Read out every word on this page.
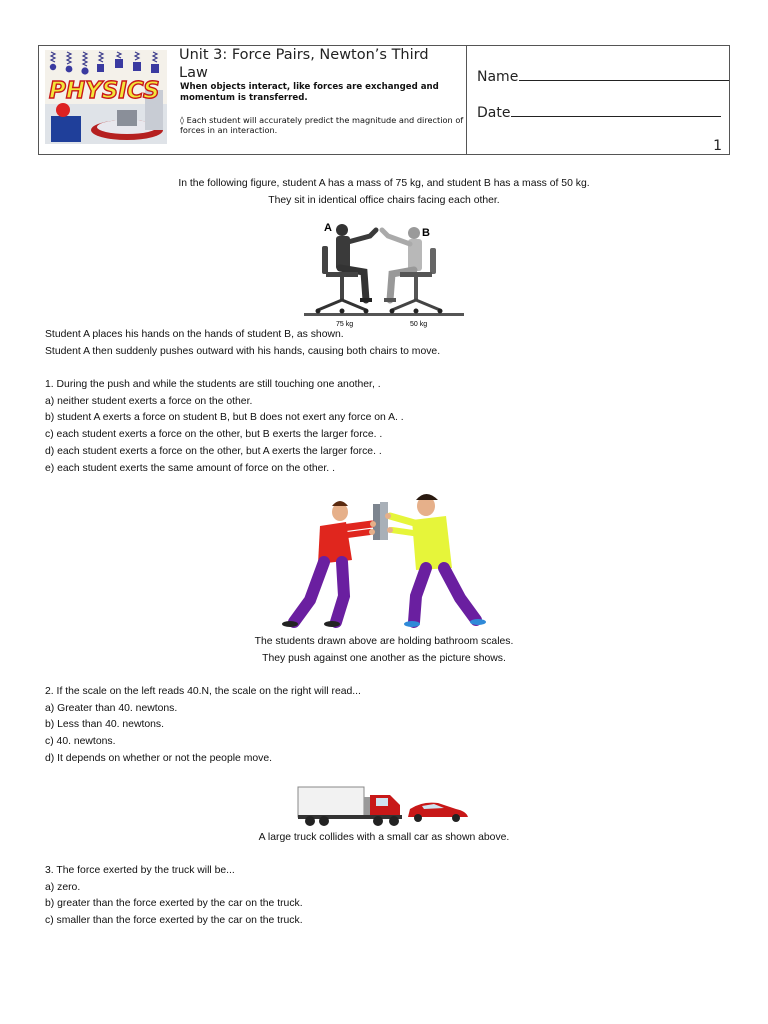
PHYSICS
Unit 3: Force Pairs, Newton’s Third Law
When objects interact, like forces are exchanged and momentum is transferred.
◊ Each student will accurately predict the magnitude and direction of forces in an interaction.
Name
Date
1

In the following figure, student A has a mass of 75 kg, and student B has a mass of 50 kg.

They sit in identical office chairs facing each other.

A	B
75 kg	50 kg

Student A places his hands on the hands of student B, as shown.

Student A then suddenly pushes outward with his hands, causing both chairs to move.

1. During the push and while the students are still touching one another, .

a) neither student exerts a force on the other.

b) student A exerts a force on student B, but B does not exert any force on A. .

c) each student exerts a force on the other, but B exerts the larger force. .

d) each student exerts a force on the other, but A exerts the larger force. .

e) each student exerts the same amount of force on the other. .

The students drawn above are holding bathroom scales.

They push against one another as the picture shows.

2. If the scale on the left reads 40.N, the scale on the right will read...

a) Greater than 40. newtons.

b) Less than 40. newtons.

c) 40. newtons.

d) It depends on whether or not the people move.

A large truck collides with a small car as shown above.

3. The force exerted by the truck will be...

a) zero.

b) greater than the force exerted by the car on the truck.

c) smaller than the force exerted by the car on the truck.
